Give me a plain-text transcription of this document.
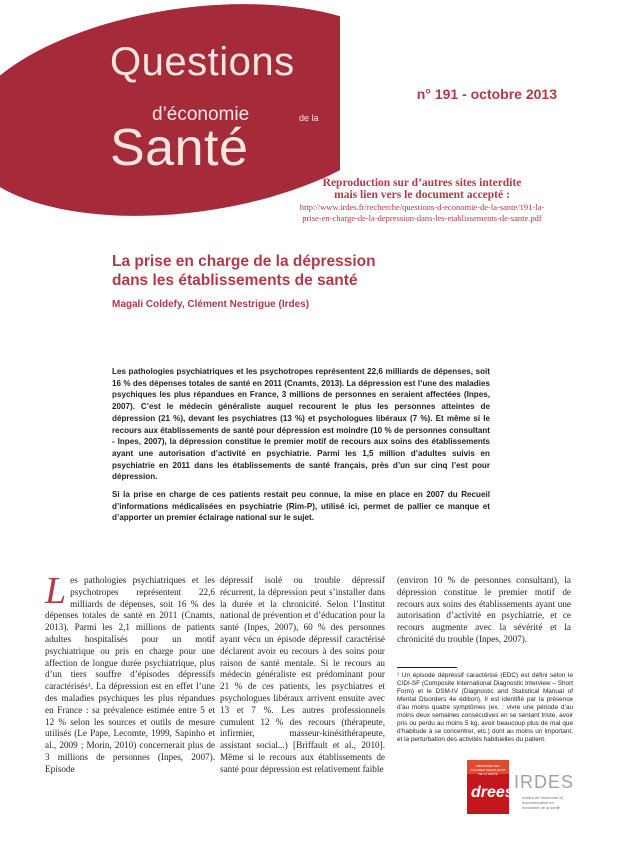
Questions
d’économie	de la
Santé
n° 191 - octobre 2013
Reproduction sur d’autres sites interdite
mais lien vers le document accepté :
http://www.irdes.fr/recherche/questions-d-economie-de-la-sante/191-la-
prise-en-charge-de-la-depression-dans-les-etablissements-de-sante.pdf
La prise en charge de la dépression
dans les établissements de santé
Magali Coldefy, Clément Nestrigue (Irdes)

Les pathologies psychiatriques et les psychotropes représentent 22,6 milliards de dépenses, soit 16 % des dépenses totales de santé en 2011 (Cnamts, 2013). La dépression est l’une des maladies psychiques les plus répandues en France, 3 millions de personnes en seraient affectées (Inpes, 2007). C’est le médecin généraliste auquel recourent le plus les personnes atteintes de dépression (21 %), devant les psychiatres (13 %) et psychologues libéraux (7 %). Et même si le recours aux établissements de santé pour dépression est moindre (10 % de personnes consultant - Inpes, 2007), la dépression constitue le premier motif de recours aux soins des établissements ayant une autorisation d’activité en psychiatrie. Parmi les 1,5 million d’adultes suivis en psychiatrie en 2011 dans les établissements de santé français, près d’un sur cinq l’est pour dépression.

Si la prise en charge de ces patients restait peu connue, la mise en place en 2007 du Recueil d’informations médicalisées en psychiatrie (Rim-P), utilisé ici, permet de pallier ce manque et d’apporter un premier éclairage national sur le sujet.

Les pathologies psychiatriques et les psychotropes représentent 22,6 milliards de dépenses, soit 16 % des dépenses totales de santé en 2011 (Cnamts, 2013). Parmi les 2,1 millions de patients adultes hospitalisés pour un motif psychiatrique ou pris en charge pour une affection de longue durée psychiatrique, plus d’un tiers souffre d’épisodes dépressifs caractérisés¹. La dépression est en effet l’une des maladies psychiques les plus répandues en France : sa prévalence estimée entre 5 et 12 % selon les sources et outils de mesure utilisés (Le Pape, Lecomte, 1999, Sapinho et al., 2009 ; Morin, 2010) concernerait plus de 3 millions de personnes (Inpes, 2007). Episode
dépressif isolé ou trouble dépressif récurrent, la dépression peut s’installer dans la durée et la chronicité. Selon l’Institut national de prévention et d’éducation pour la santé (Inpes, 2007), 60 % des personnes ayant vécu un épisode dépressif caractérisé déclarent avoir eu recours à des soins pour raison de santé mentale. Si le recours au médecin généraliste est prédominant pour 21 % de ces patients, les psychiatres et psychologues libéraux arrivent ensuite avec 13 et 7 %. Les autres professionnels cumulent 12 % des recours (thérapeute, infirmier, masseur-kinésithérapeute, assistant social...) [Briffault et al., 2010]. Même si le recours aux établissements de santé pour dépression est relativement faible
(environ 10 % de personnes consultant), la dépression constitue le premier motif de recours aux soins des établissements ayant une autorisation d’activité en psychiatrie, et ce recours augmente avec la sévérité et la chronicité du trouble (Inpes, 2007).
¹ Un épisode dépressif caractérisé (EDC) est défini selon le CIDI-SF (Composite International Diagnostic Interview – Short Form) et le DSM-IV (Diagnostic and Statistical Manual of Mental Disorders 4e édition). Il est identifié par la présence d’au moins quatre symptômes (ex. : vivre une période d’au moins deux semaines consécutives en se sentant triste, avoir pris ou perdu au moins 5 kg, avoir beaucoup plus de mal que d’habitude à se concentrer, etc.) dont au moins un important, et la perturbation des activités habituelles du patient.
MINISTÈRE DES AFFAIRES SOCIALES ET DE LA SANTÉ
drees
IRDES
Institut de recherche et documentation en économie de la santé
